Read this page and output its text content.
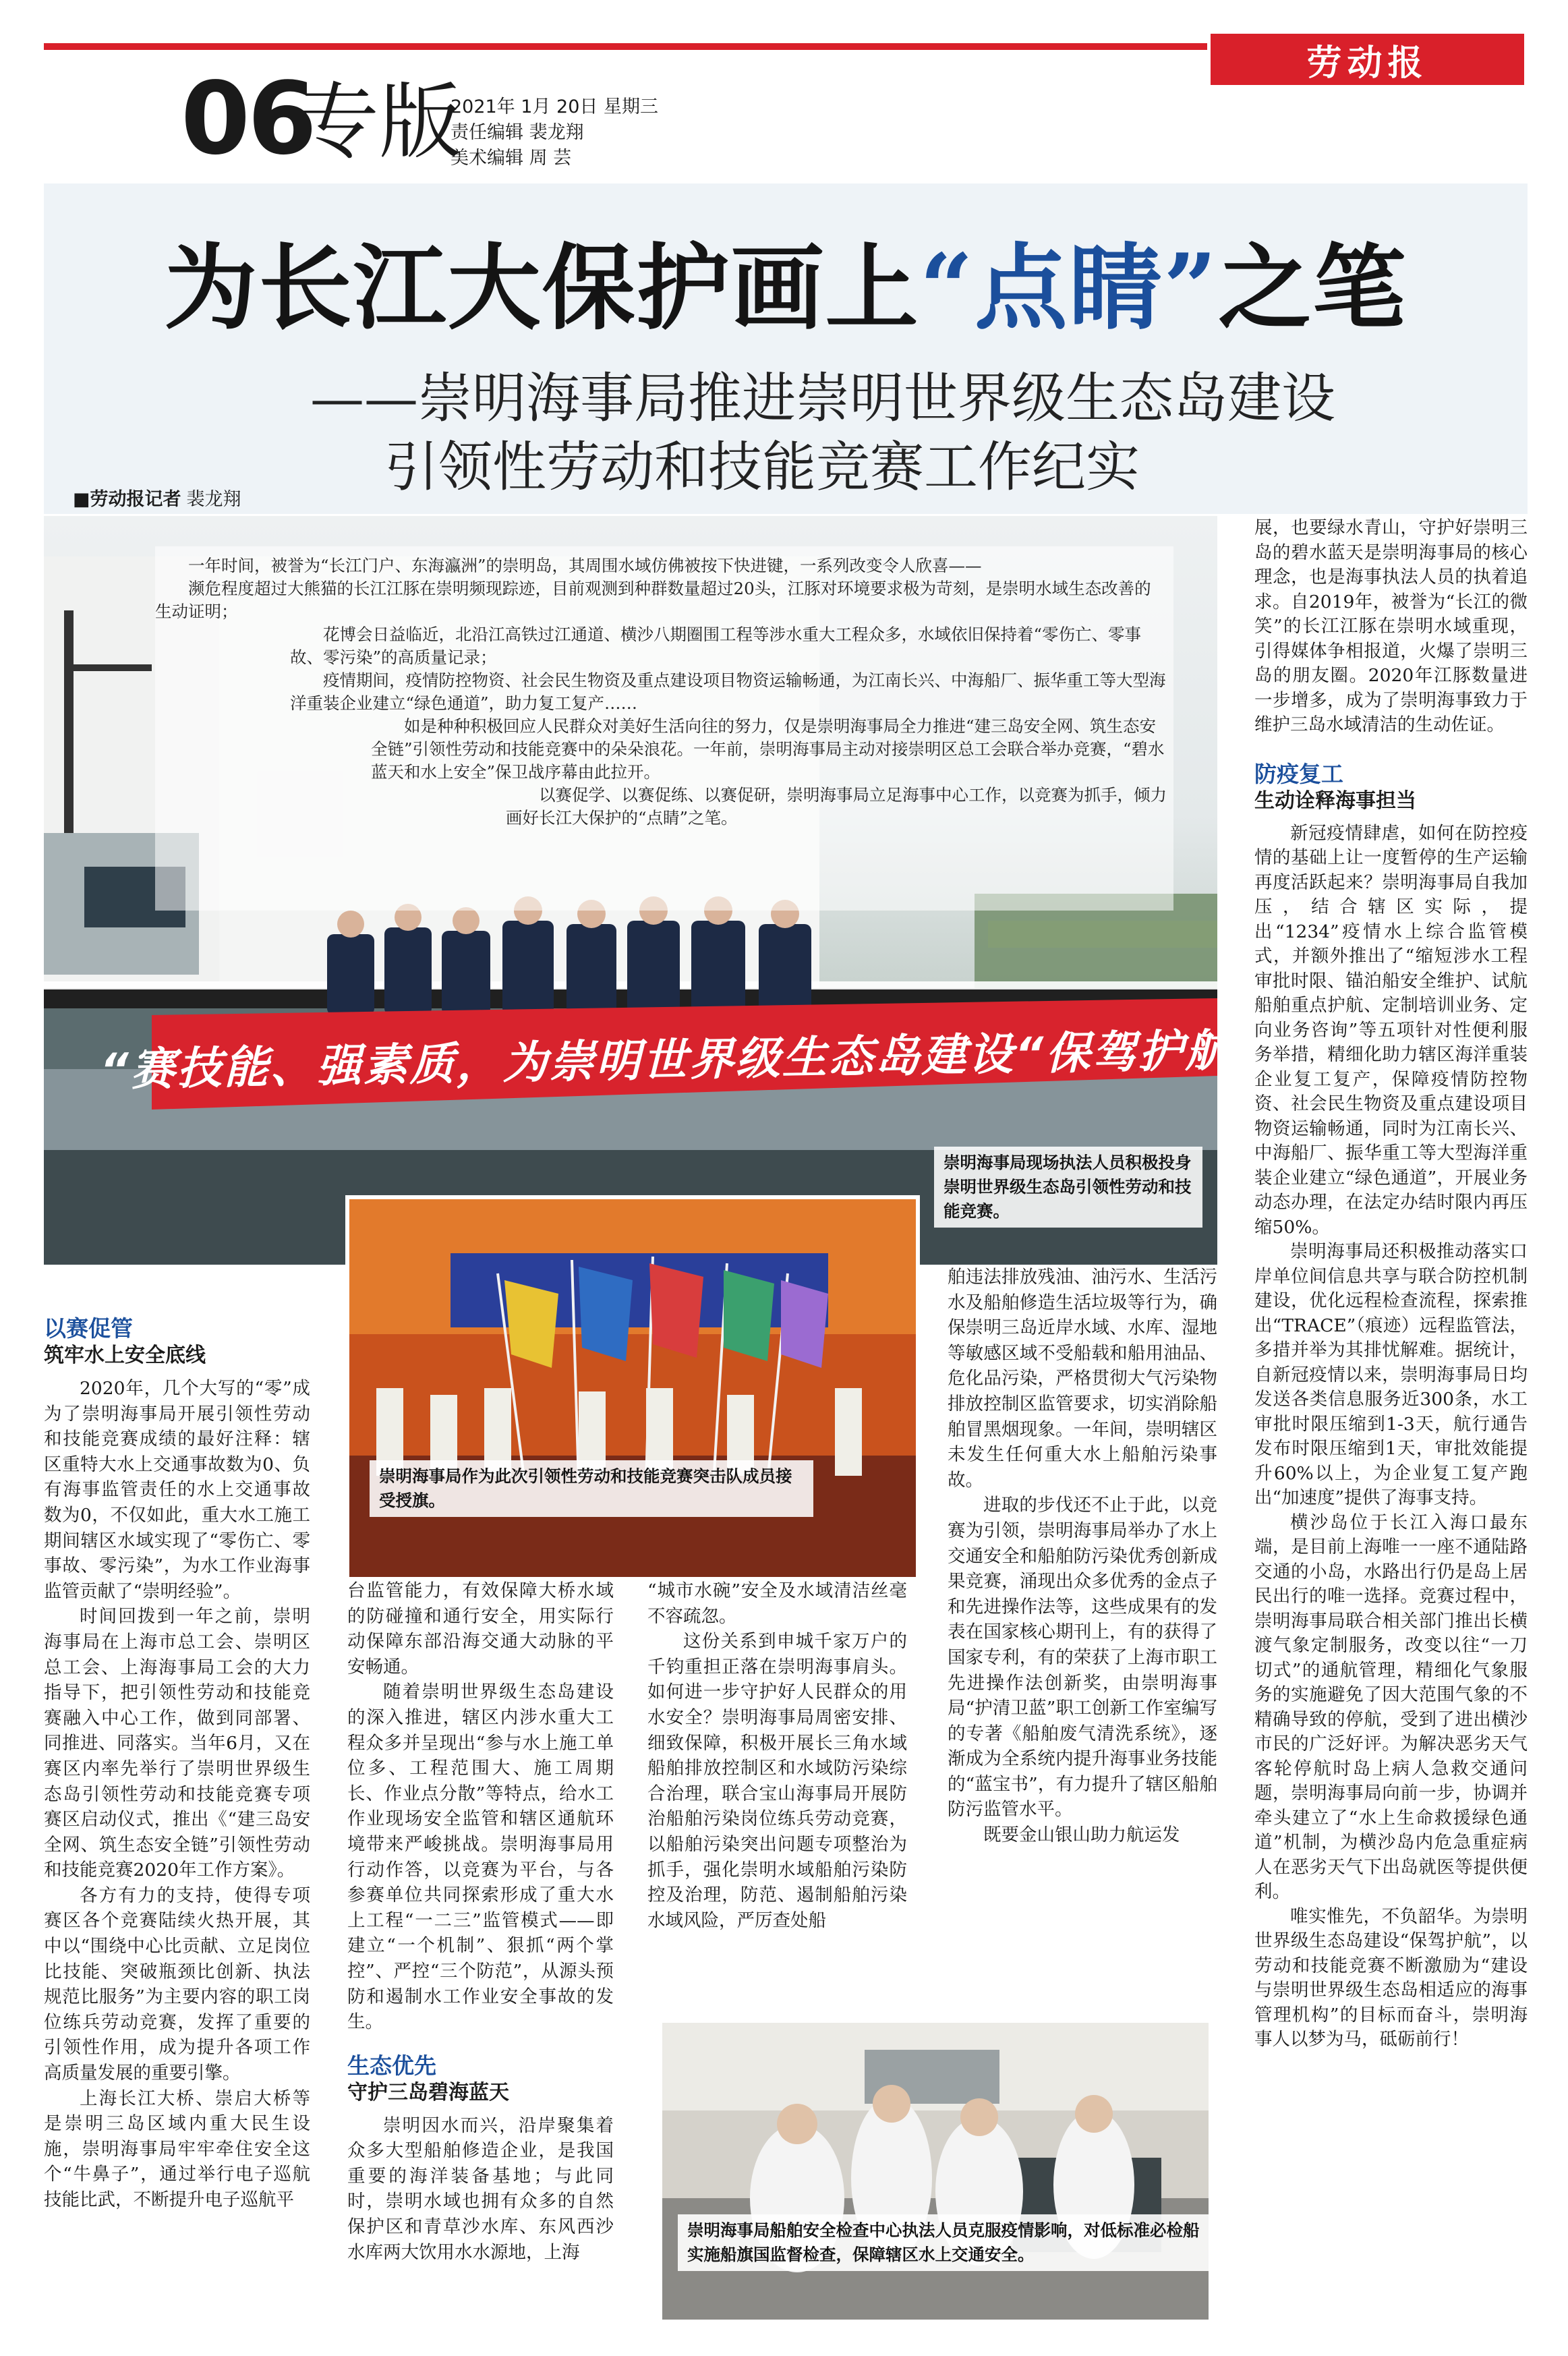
劳动报
06
专版
2021年 1月 20日 星期三
责任编辑 裴龙翔
美术编辑 周 芸
为长江大保护画上“点睛”之笔
——崇明海事局推进崇明世界级生态岛建设
引领性劳动和技能竞赛工作纪实
■劳动报记者 裴龙翔
“赛技能、强素质，为崇明世界级生态岛建设“保驾护航”

一年时间，被誉为“长江门户、东海瀛洲”的崇明岛，其周围水域仿佛被按下快进键，一系列改变令人欣喜——

濒危程度超过大熊猫的长江江豚在崇明频现踪迹，目前观测到种群数量超过20头，江豚对环境要求极为苛刻，是崇明水域生态改善的生动证明；

花博会日益临近，北沿江高铁过江通道、横沙八期圈围工程等涉水重大工程众多，水域依旧保持着“零伤亡、零事故、零污染”的高质量记录；

疫情期间，疫情防控物资、社会民生物资及重点建设项目物资运输畅通，为江南长兴、中海船厂、振华重工等大型海洋重装企业建立“绿色通道”，助力复工复产……

如是种种积极回应人民群众对美好生活向往的努力，仅是崇明海事局全力推进“建三岛安全网、筑生态安全链”引领性劳动和技能竞赛中的朵朵浪花。一年前，崇明海事局主动对接崇明区总工会联合举办竞赛，“碧水蓝天和水上安全”保卫战序幕由此拉开。

以赛促学、以赛促练、以赛促研，崇明海事局立足海事中心工作，以竞赛为抓手，倾力画好长江大保护的“点睛”之笔。

崇明海事局现场执法人员积极投身崇明世界级生态岛引领性劳动和技能竞赛。
崇明海事局作为此次引领性劳动和技能竞赛突击队成员接受授旗。
崇明海事局船舶安全检查中心执法人员克服疫情影响，对低标准必检船实施船旗国监督检查，保障辖区水上交通安全。
以赛促管
筑牢水上安全底线

2020年，几个大写的“零”成为了崇明海事局开展引领性劳动和技能竞赛成绩的最好注释：辖区重特大水上交通事故数为0、负有海事监管责任的水上交通事故数为0，不仅如此，重大水工施工期间辖区水域实现了“零伤亡、零事故、零污染”，为水工作业海事监管贡献了“崇明经验”。

时间回拨到一年之前，崇明海事局在上海市总工会、崇明区总工会、上海海事局工会的大力指导下，把引领性劳动和技能竞赛融入中心工作，做到同部署、同推进、同落实。当年6月，又在赛区内率先举行了崇明世界级生态岛引领性劳动和技能竞赛专项赛区启动仪式，推出《“建三岛安全网、筑生态安全链”引领性劳动和技能竞赛2020年工作方案》。

各方有力的支持，使得专项赛区各个竞赛陆续火热开展，其中以“围绕中心比贡献、立足岗位比技能、突破瓶颈比创新、执法规范比服务”为主要内容的职工岗位练兵劳动竞赛，发挥了重要的引领性作用，成为提升各项工作高质量发展的重要引擎。

上海长江大桥、崇启大桥等是崇明三岛区域内重大民生设施，崇明海事局牢牢牵住安全这个“牛鼻子”，通过举行电子巡航技能比武，不断提升电子巡航平

台监管能力，有效保障大桥水域的防碰撞和通行安全，用实际行动保障东部沿海交通大动脉的平安畅通。

随着崇明世界级生态岛建设的深入推进，辖区内涉水重大工程众多并呈现出“参与水上施工单位多、工程范围大、施工周期长、作业点分散”等特点，给水工作业现场安全监管和辖区通航环境带来严峻挑战。崇明海事局用行动作答，以竞赛为平台，与各参赛单位共同探索形成了重大水上工程“一二三”监管模式——即建立“一个机制”、狠抓“两个掌控”、严控“三个防范”，从源头预防和遏制水工作业安全事故的发生。

生态优先
守护三岛碧海蓝天

崇明因水而兴，沿岸聚集着众多大型船舶修造企业，是我国重要的海洋装备基地；与此同时，崇明水域也拥有众多的自然保护区和青草沙水库、东风西沙水库两大饮用水水源地，上海

“城市水碗”安全及水域清洁丝毫不容疏忽。

这份关系到申城千家万户的千钧重担正落在崇明海事肩头。如何进一步守护好人民群众的用水安全？崇明海事局周密安排、细致保障，积极开展长三角水域船舶排放控制区和水域防污染综合治理，联合宝山海事局开展防治船舶污染岗位练兵劳动竞赛，以船舶污染突出问题专项整治为抓手，强化崇明水域船舶污染防控及治理，防范、遏制船舶污染水域风险，严厉查处船

舶违法排放残油、油污水、生活污水及船舶修造生活垃圾等行为，确保崇明三岛近岸水域、水库、湿地等敏感区域不受船载和船用油品、危化品污染，严格贯彻大气污染物排放控制区监管要求，切实消除船舶冒黑烟现象。一年间，崇明辖区未发生任何重大水上船舶污染事故。

进取的步伐还不止于此，以竞赛为引领，崇明海事局举办了水上交通安全和船舶防污染优秀创新成果竞赛，涌现出众多优秀的金点子和先进操作法等，这些成果有的发表在国家核心期刊上，有的获得了国家专利，有的荣获了上海市职工先进操作法创新奖，由崇明海事局“护清卫蓝”职工创新工作室编写的专著《船舶废气清洗系统》，逐渐成为全系统内提升海事业务技能的“蓝宝书”，有力提升了辖区船舶防污监管水平。

既要金山银山助力航运发

展，也要绿水青山，守护好崇明三岛的碧水蓝天是崇明海事局的核心理念，也是海事执法人员的执着追求。自2019年，被誉为“长江的微笑”的长江江豚在崇明水域重现，引得媒体争相报道，火爆了崇明三岛的朋友圈。2020年江豚数量进一步增多，成为了崇明海事致力于维护三岛水域清洁的生动佐证。

防疫复工
生动诠释海事担当

新冠疫情肆虐，如何在防控疫情的基础上让一度暂停的生产运输再度活跃起来？崇明海事局自我加压，结合辖区实际，提出“1234”疫情水上综合监管模式，并额外推出了“缩短涉水工程审批时限、锚泊船安全维护、试航船舶重点护航、定制培训业务、定向业务咨询”等五项针对性便利服务举措，精细化助力辖区海洋重装企业复工复产，保障疫情防控物资、社会民生物资及重点建设项目物资运输畅通，同时为江南长兴、中海船厂、振华重工等大型海洋重装企业建立“绿色通道”，开展业务动态办理，在法定办结时限内再压缩50%。

崇明海事局还积极推动落实口岸单位间信息共享与联合防控机制建设，优化远程检查流程，探索推出“TRACE”（痕迹）远程监管法，多措并举为其排忧解难。据统计，自新冠疫情以来，崇明海事局日均发送各类信息服务近300条，水工审批时限压缩到1-3天，航行通告发布时限压缩到1天，审批效能提升60%以上，为企业复工复产跑出“加速度”提供了海事支持。

横沙岛位于长江入海口最东端，是目前上海唯一一座不通陆路交通的小岛，水路出行仍是岛上居民出行的唯一选择。竞赛过程中，崇明海事局联合相关部门推出长横渡气象定制服务，改变以往“一刀切式”的通航管理，精细化气象服务的实施避免了因大范围气象的不精确导致的停航，受到了进出横沙市民的广泛好评。为解决恶劣天气客轮停航时岛上病人急救交通问题，崇明海事局向前一步，协调并牵头建立了“水上生命救援绿色通道”机制，为横沙岛内危急重症病人在恶劣天气下出岛就医等提供便利。

唯实惟先，不负韶华。为崇明世界级生态岛建设“保驾护航”，以劳动和技能竞赛不断激励为“建设与崇明世界级生态岛相适应的海事管理机构”的目标而奋斗，崇明海事人以梦为马，砥砺前行！
